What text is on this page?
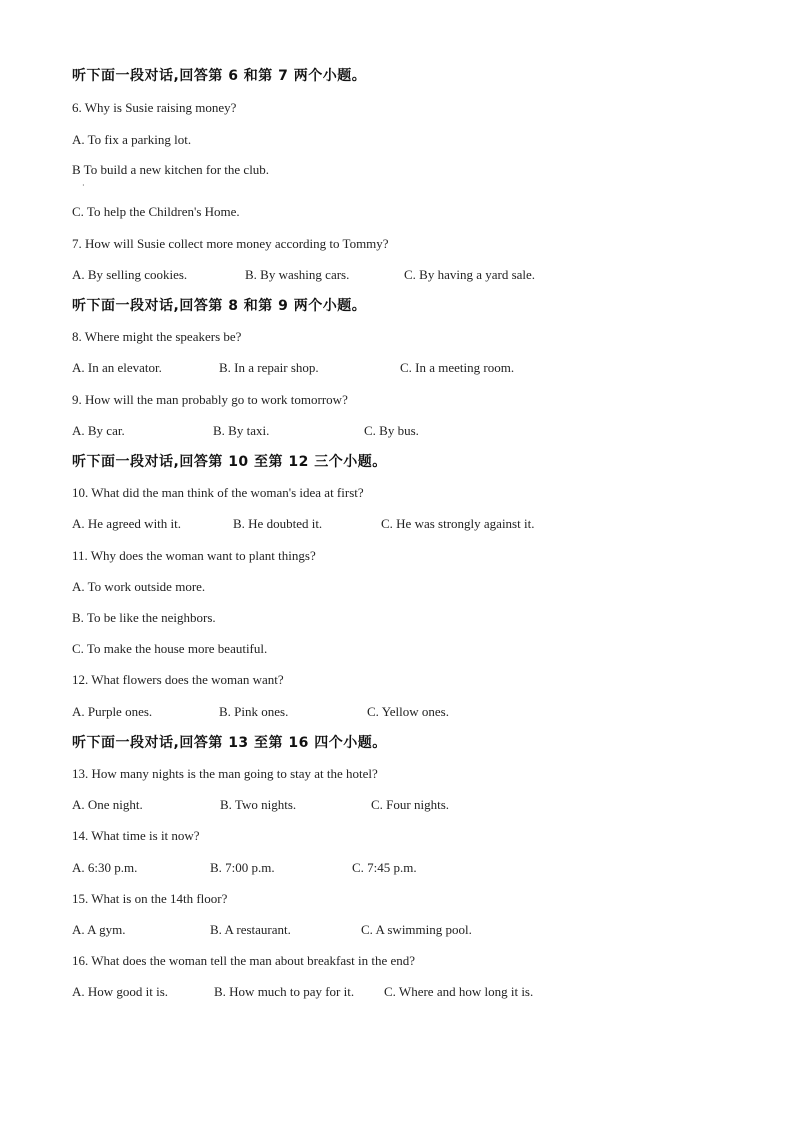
听下面一段对话,回答第 6 和第 7 两个小题。
6. Why is Susie raising money?
A. To fix a parking lot.
B To build a new kitchen for the club.
·
C. To help the Children's Home.
7. How will Susie collect more money according to Tommy?
A. By selling cookies.	B. By washing cars.	C. By having a yard sale.
听下面一段对话,回答第 8 和第 9 两个小题。
8. Where might the speakers be?
A. In an elevator.	B. In a repair shop.	C. In a meeting room.
9. How will the man probably go to work tomorrow?
A. By car.	B. By taxi.	C. By bus.
听下面一段对话,回答第 10 至第 12 三个小题。
10. What did the man think of the woman's idea at first?
A. He agreed with it.	B. He doubted it.	C. He was strongly against it.
11. Why does the woman want to plant things?
A. To work outside more.
B. To be like the neighbors.
C. To make the house more beautiful.
12. What flowers does the woman want?
A. Purple ones.	B. Pink ones.	C. Yellow ones.
听下面一段对话,回答第 13 至第 16 四个小题。
13. How many nights is the man going to stay at the hotel?
A. One night.	B. Two nights.	C. Four nights.
14. What time is it now?
A. 6:30 p.m.	B. 7:00 p.m.	C. 7:45 p.m.
15. What is on the 14th floor?
A. A gym.	B. A restaurant.	C. A swimming pool.
16. What does the woman tell the man about breakfast in the end?
A. How good it is.	B. How much to pay for it. C. Where and how long it is.
